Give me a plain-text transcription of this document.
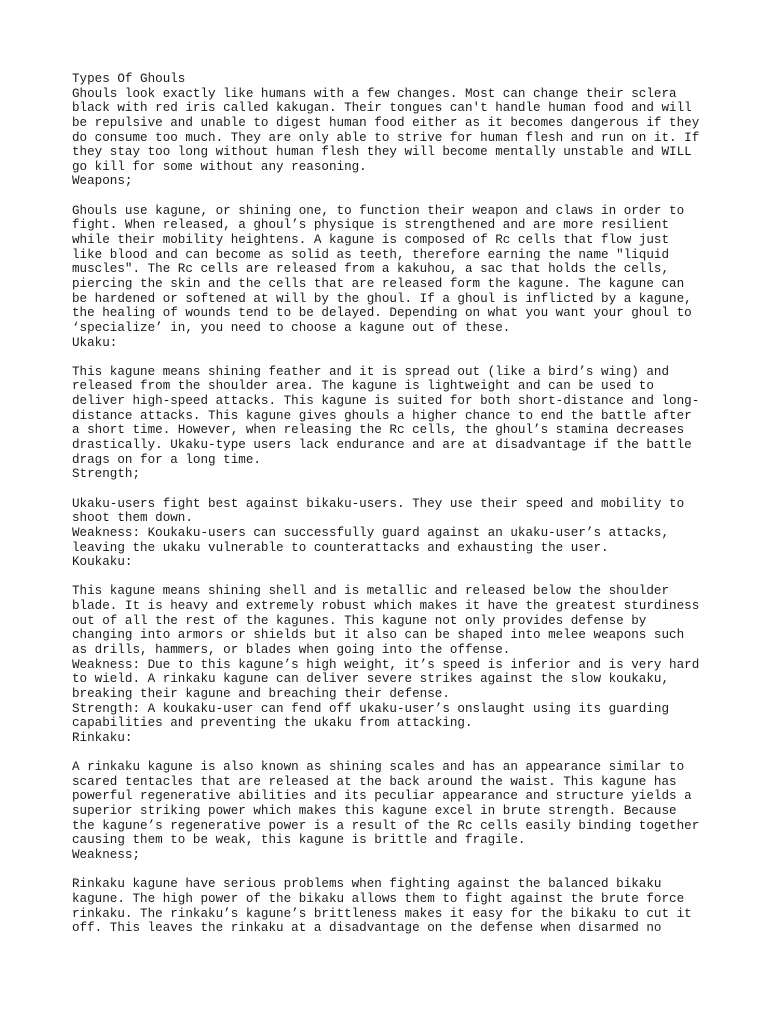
Types Of Ghouls
Ghouls look exactly like humans with a few changes. Most can change their sclera
black with red iris called kakugan. Their tongues can't handle human food and will
be repulsive and unable to digest human food either as it becomes dangerous if they
do consume too much. They are only able to strive for human flesh and run on it. If
they stay too long without human flesh they will become mentally unstable and WILL
go kill for some without any reasoning.
Weapons;
Ghouls use kagune, or shining one, to function their weapon and claws in order to
fight. When released, a ghoul’s physique is strengthened and are more resilient
while their mobility heightens. A kagune is composed of Rc cells that flow just
like blood and can become as solid as teeth, therefore earning the name "liquid
muscles". The Rc cells are released from a kakuhou, a sac that holds the cells,
piercing the skin and the cells that are released form the kagune. The kagune can
be hardened or softened at will by the ghoul. If a ghoul is inflicted by a kagune,
the healing of wounds tend to be delayed. Depending on what you want your ghoul to
‘specialize’ in, you need to choose a kagune out of these.
Ukaku:
This kagune means shining feather and it is spread out (like a bird’s wing) and
released from the shoulder area. The kagune is lightweight and can be used to
deliver high-speed attacks. This kagune is suited for both short-distance and long-
distance attacks. This kagune gives ghouls a higher chance to end the battle after
a short time. However, when releasing the Rc cells, the ghoul’s stamina decreases
drastically. Ukaku-type users lack endurance and are at disadvantage if the battle
drags on for a long time.
Strength;
Ukaku-users fight best against bikaku-users. They use their speed and mobility to
shoot them down.
Weakness: Koukaku-users can successfully guard against an ukaku-user’s attacks,
leaving the ukaku vulnerable to counterattacks and exhausting the user.
Koukaku:
This kagune means shining shell and is metallic and released below the shoulder
blade. It is heavy and extremely robust which makes it have the greatest sturdiness
out of all the rest of the kagunes. This kagune not only provides defense by
changing into armors or shields but it also can be shaped into melee weapons such
as drills, hammers, or blades when going into the offense.
Weakness: Due to this kagune’s high weight, it’s speed is inferior and is very hard
to wield. A rinkaku kagune can deliver severe strikes against the slow koukaku,
breaking their kagune and breaching their defense.
Strength: A koukaku-user can fend off ukaku-user’s onslaught using its guarding
capabilities and preventing the ukaku from attacking.
Rinkaku:
A rinkaku kagune is also known as shining scales and has an appearance similar to
scared tentacles that are released at the back around the waist. This kagune has
powerful regenerative abilities and its peculiar appearance and structure yields a
superior striking power which makes this kagune excel in brute strength. Because
the kagune’s regenerative power is a result of the Rc cells easily binding together
causing them to be weak, this kagune is brittle and fragile.
Weakness;
Rinkaku kagune have serious problems when fighting against the balanced bikaku
kagune. The high power of the bikaku allows them to fight against the brute force
rinkaku. The rinkaku’s kagune’s brittleness makes it easy for the bikaku to cut it
off. This leaves the rinkaku at a disadvantage on the defense when disarmed no
